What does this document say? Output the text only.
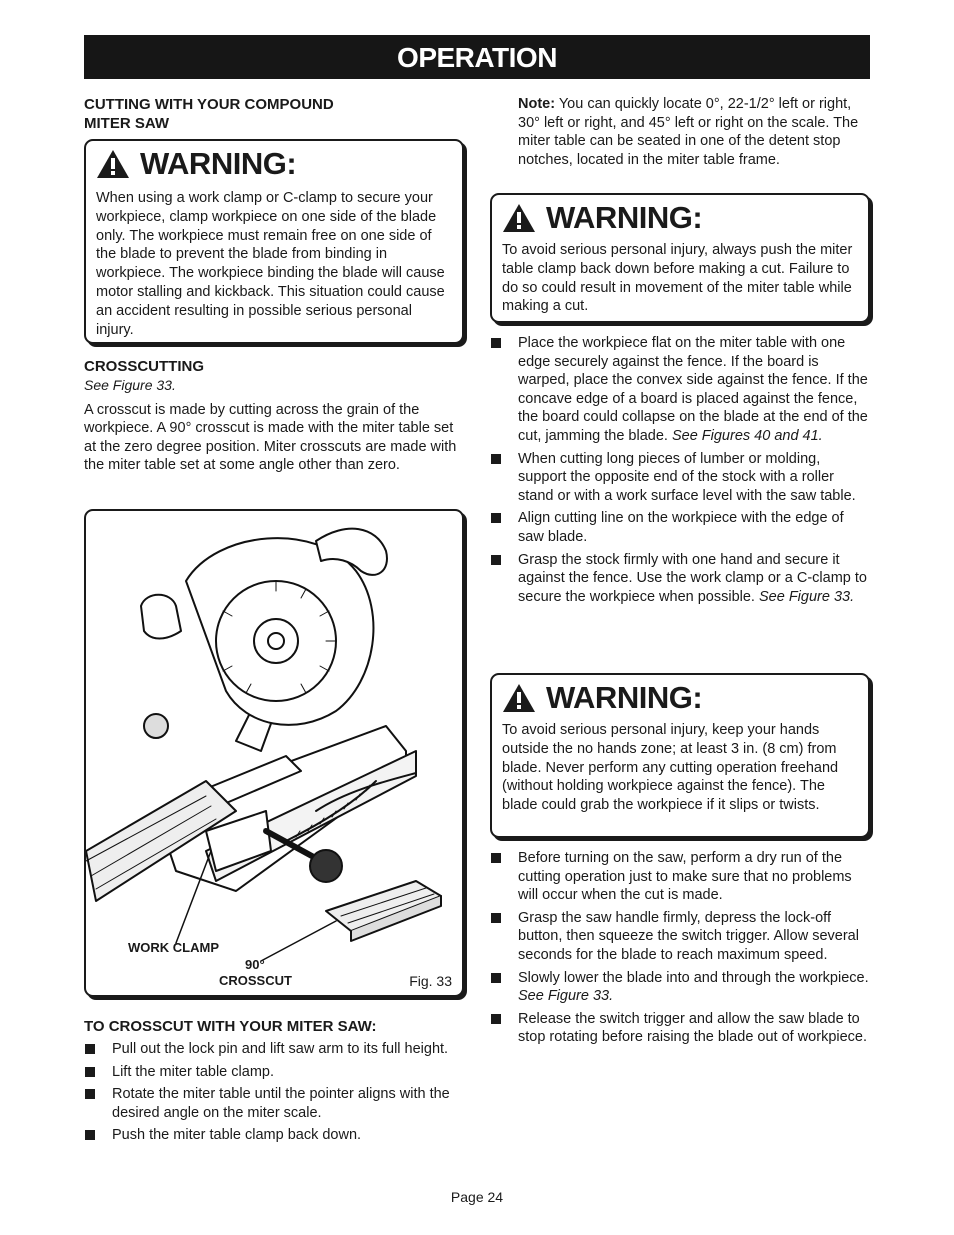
OPERATION
CUTTING WITH YOUR COMPOUND
MITER SAW
WARNING:
When using a work clamp or C-clamp to secure your workpiece, clamp workpiece on one side of the blade only. The workpiece must remain free on one side of the blade to prevent the blade from binding in workpiece. The workpiece binding the blade will cause motor stalling and kickback. This situation could cause an accident resulting in possible serious personal injury.
CROSSCUTTING

See Figure 33.

A crosscut is made by cutting across the grain of the workpiece. A 90° crosscut is made with the miter table set at the zero degree position. Miter crosscuts are made with the miter table set at some angle other than zero.

WORK CLAMP
90°
CROSSCUT	Fig. 33
TO CROSSCUT WITH YOUR MITER SAW:
Pull out the lock pin and lift saw arm to its full height.
Lift the miter table clamp.
Rotate the miter table until the pointer aligns with the desired angle on the miter scale.
Push the miter table clamp back down.

Note: You can quickly locate 0°, 22-1/2° left or right, 30° left or right, and 45° left or right on the scale. The miter table can be seated in one of the detent stop notches, located in the miter table frame.

WARNING:
To avoid serious personal injury, always push the miter table clamp back down before making a cut. Failure to do so could result in movement of the miter table while making a cut.
Place the workpiece flat on the miter table with one edge securely against the fence. If the board is warped, place the convex side against the fence. If the concave edge of a board is placed against the fence, the board could collapse on the blade at the end of the cut, jamming the blade. See Figures 40 and 41.
When cutting long pieces of lumber or molding, support the opposite end of the stock with a roller stand or with a work surface level with the saw table.
Align cutting line on the workpiece with the edge of saw blade.
Grasp the stock firmly with one hand and secure it against the fence. Use the work clamp or a C-clamp to secure the workpiece when possible. See Figure 33.
WARNING:
To avoid serious personal injury, keep your hands outside the no hands zone; at least 3 in. (8 cm) from blade. Never perform any cutting operation freehand (without holding workpiece against the fence). The blade could grab the workpiece if it slips or twists.
Before turning on the saw, perform a dry run of the cutting operation just to make sure that no problems will occur when the cut is made.
Grasp the saw handle firmly, depress the lock-off button, then squeeze the switch trigger. Allow several seconds for the blade to reach maximum speed.
Slowly lower the blade into and through the workpiece. See Figure 33.
Release the switch trigger and allow the saw blade to stop rotating before raising the blade out of workpiece.
Page 24
